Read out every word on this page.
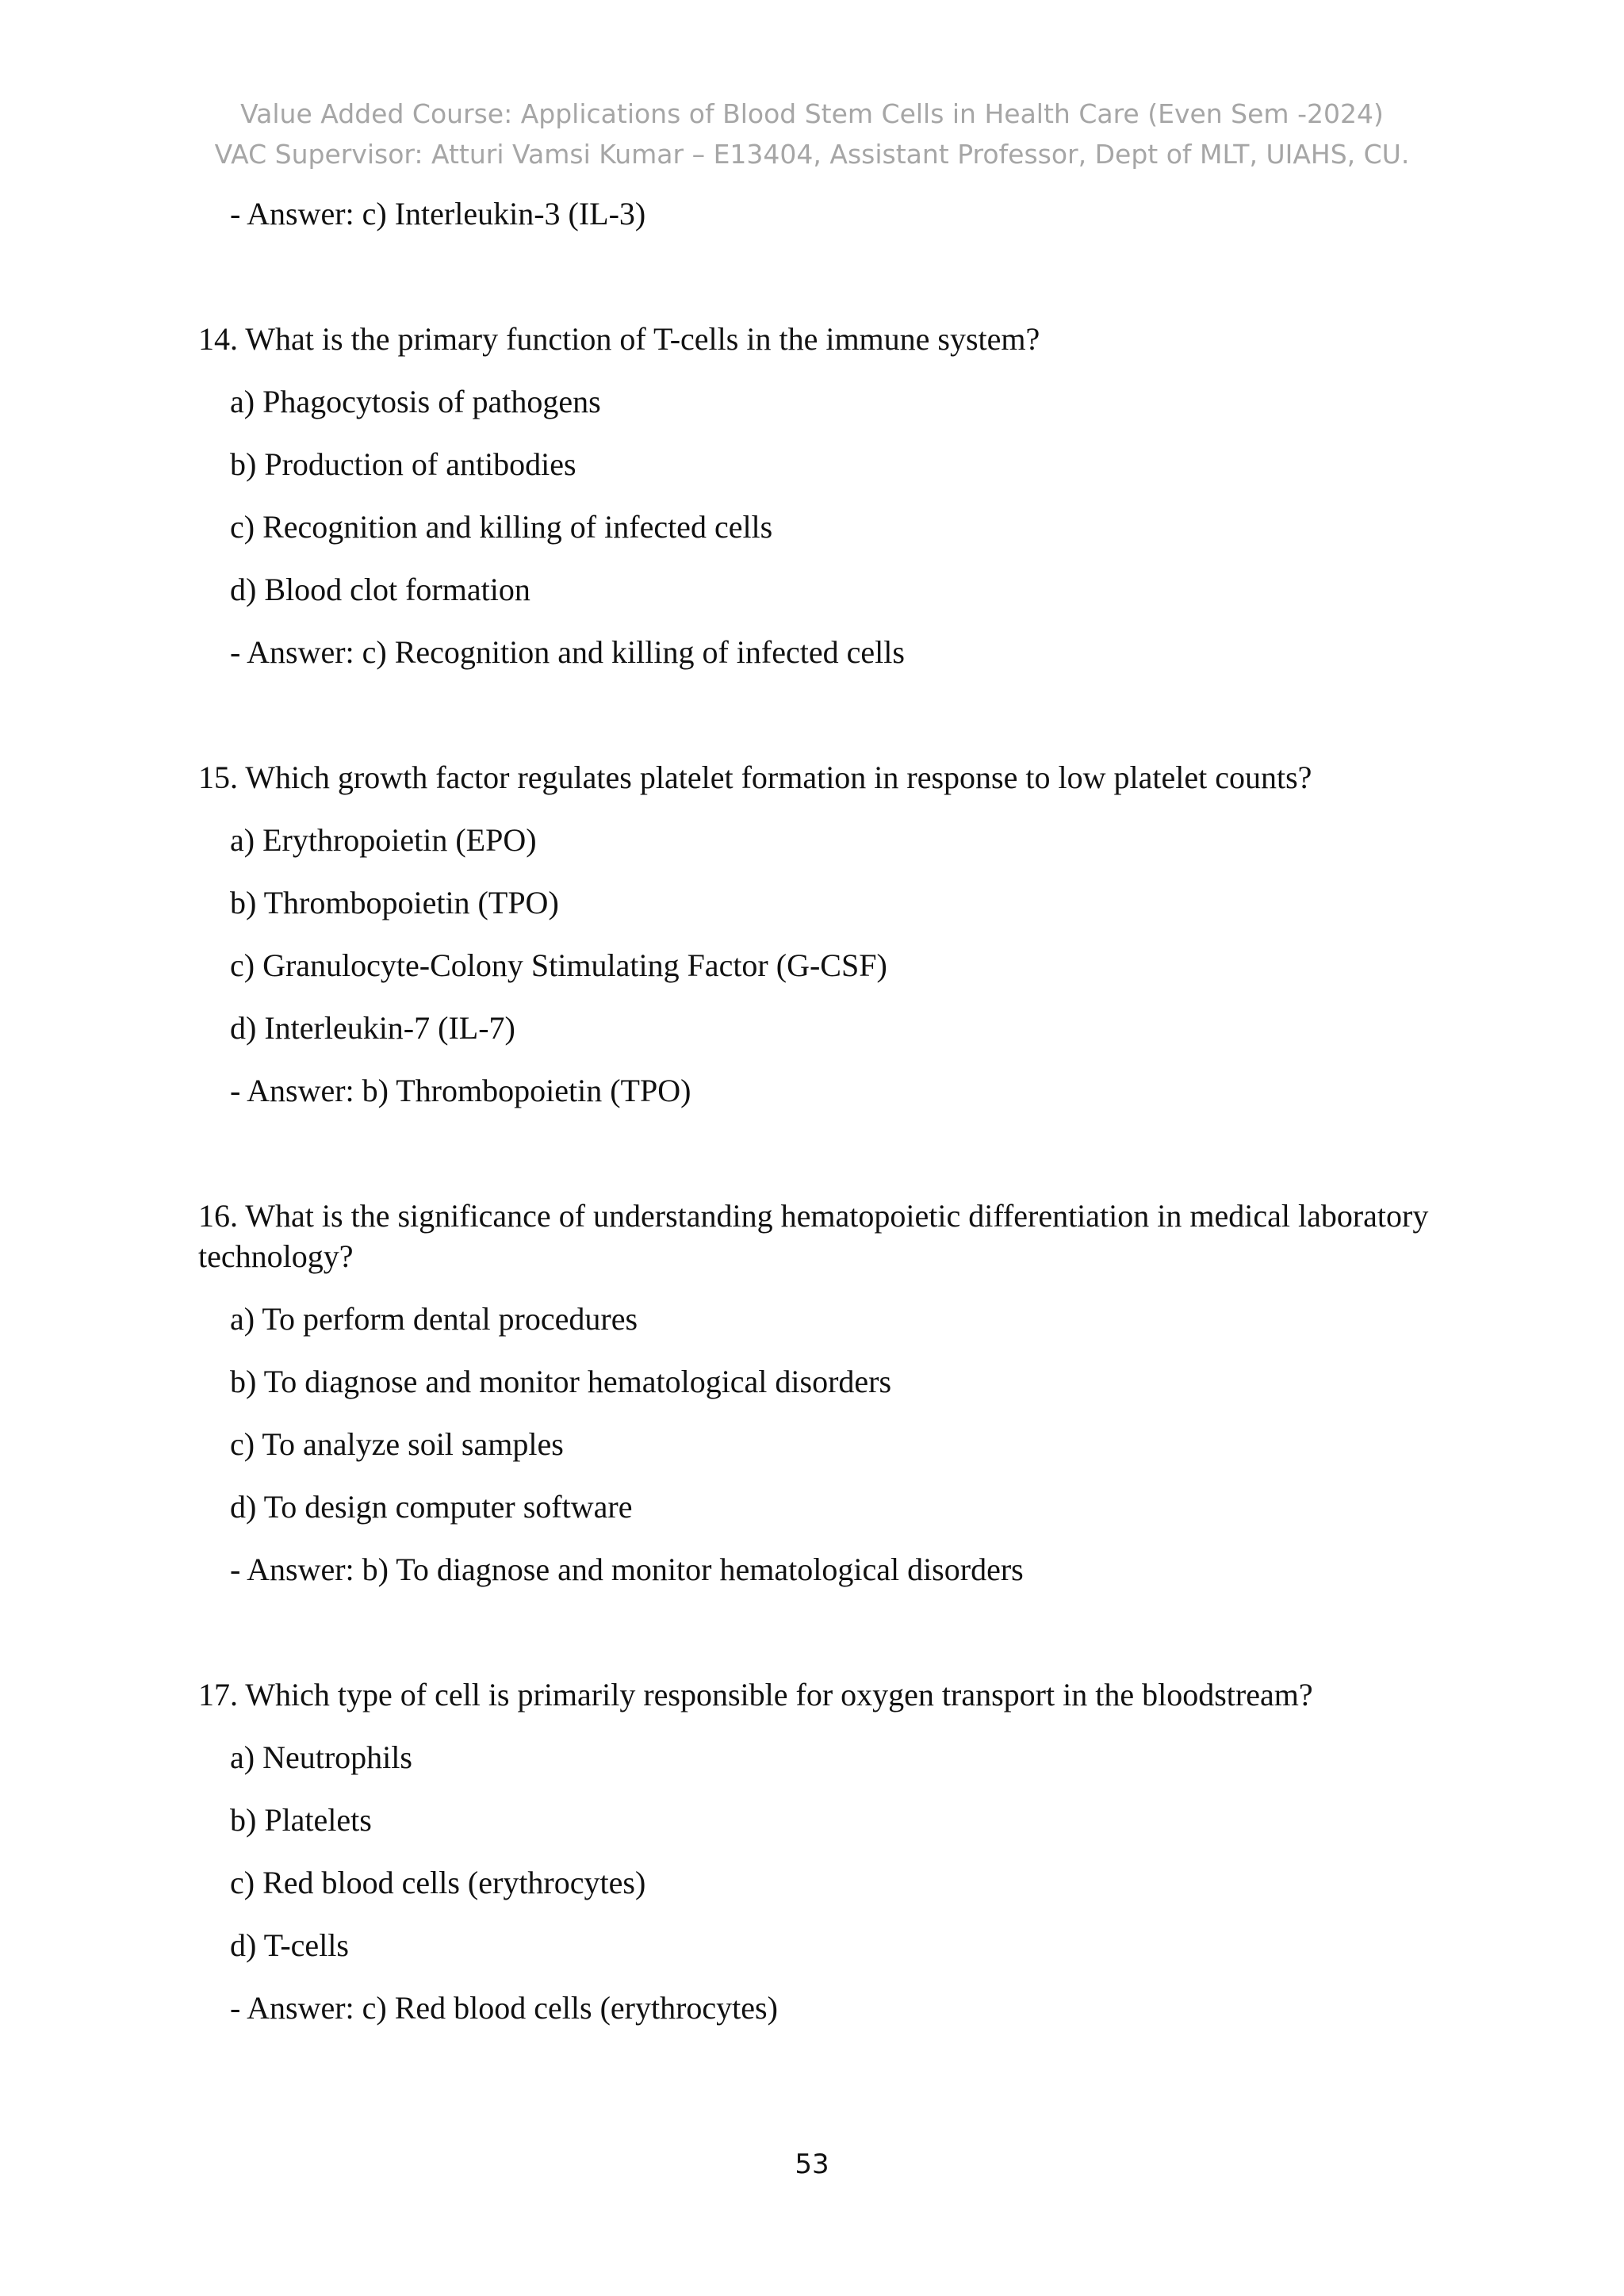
Value Added Course: Applications of Blood Stem Cells in Health Care (Even Sem -2024)
VAC Supervisor: Atturi Vamsi Kumar – E13404, Assistant Professor, Dept of MLT, UIAHS, CU.
- Answer: c) Interleukin-3 (IL-3)
14. What is the primary function of T-cells in the immune system?
a) Phagocytosis of pathogens
b) Production of antibodies
c) Recognition and killing of infected cells
d) Blood clot formation
- Answer: c) Recognition and killing of infected cells
15. Which growth factor regulates platelet formation in response to low platelet counts?
a) Erythropoietin (EPO)
b) Thrombopoietin (TPO)
c) Granulocyte-Colony Stimulating Factor (G-CSF)
d) Interleukin-7 (IL-7)
- Answer: b) Thrombopoietin (TPO)
16. What is the significance of understanding hematopoietic differentiation in medical laboratory technology?
a) To perform dental procedures
b) To diagnose and monitor hematological disorders
c) To analyze soil samples
d) To design computer software
- Answer: b) To diagnose and monitor hematological disorders
17. Which type of cell is primarily responsible for oxygen transport in the bloodstream?
a) Neutrophils
b) Platelets
c) Red blood cells (erythrocytes)
d) T-cells
- Answer: c) Red blood cells (erythrocytes)
53
